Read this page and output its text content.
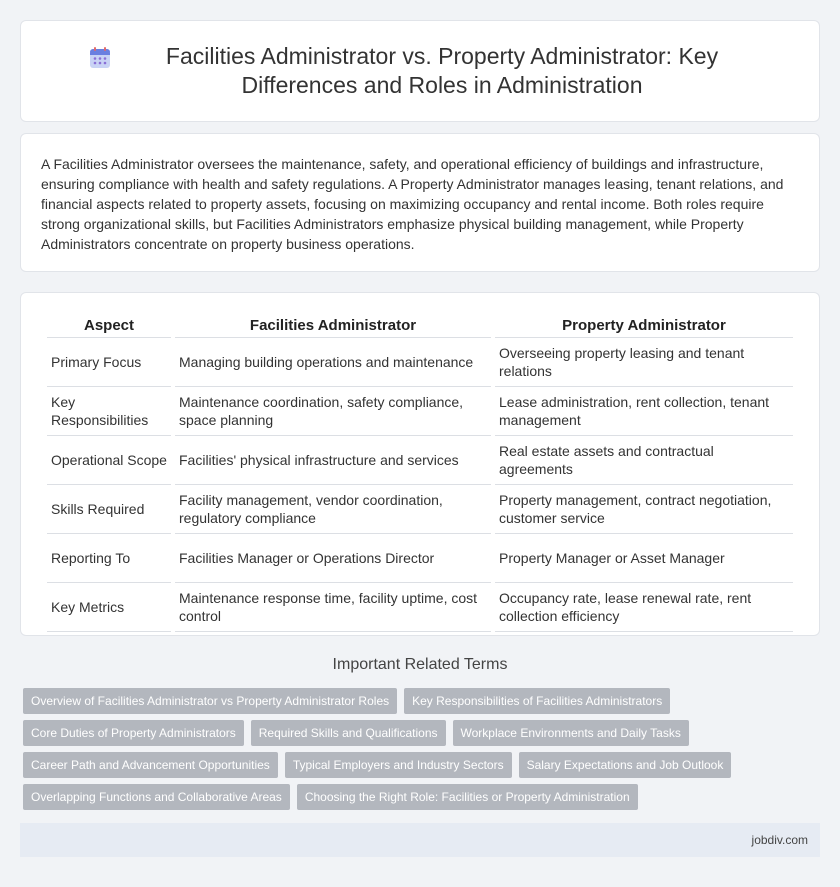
Facilities Administrator vs. Property Administrator: Key Differences and Roles in Administration

A Facilities Administrator oversees the maintenance, safety, and operational efficiency of buildings and infrastructure, ensuring compliance with health and safety regulations. A Property Administrator manages leasing, tenant relations, and financial aspects related to property assets, focusing on maximizing occupancy and rental income. Both roles require strong organizational skills, but Facilities Administrators emphasize physical building management, while Property Administrators concentrate on property business operations.

Aspect	Facilities Administrator	Property Administrator
Primary Focus	Managing building operations and maintenance	Overseeing property leasing and tenant relations
Key Responsibilities	Maintenance coordination, safety compliance, space planning	Lease administration, rent collection, tenant management
Operational Scope	Facilities' physical infrastructure and services	Real estate assets and contractual agreements
Skills Required	Facility management, vendor coordination, regulatory compliance	Property management, contract negotiation, customer service
Reporting To	Facilities Manager or Operations Director	Property Manager or Asset Manager
Key Metrics	Maintenance response time, facility uptime, cost control	Occupancy rate, lease renewal rate, rent collection efficiency
Important Related Terms
Overview of Facilities Administrator vs Property Administrator Roles	Key Responsibilities of Facilities Administrators
Core Duties of Property Administrators	Required Skills and Qualifications	Workplace Environments and Daily Tasks
Career Path and Advancement Opportunities	Typical Employers and Industry Sectors	Salary Expectations and Job Outlook
Overlapping Functions and Collaborative Areas	Choosing the Right Role: Facilities or Property Administration
jobdiv.com
